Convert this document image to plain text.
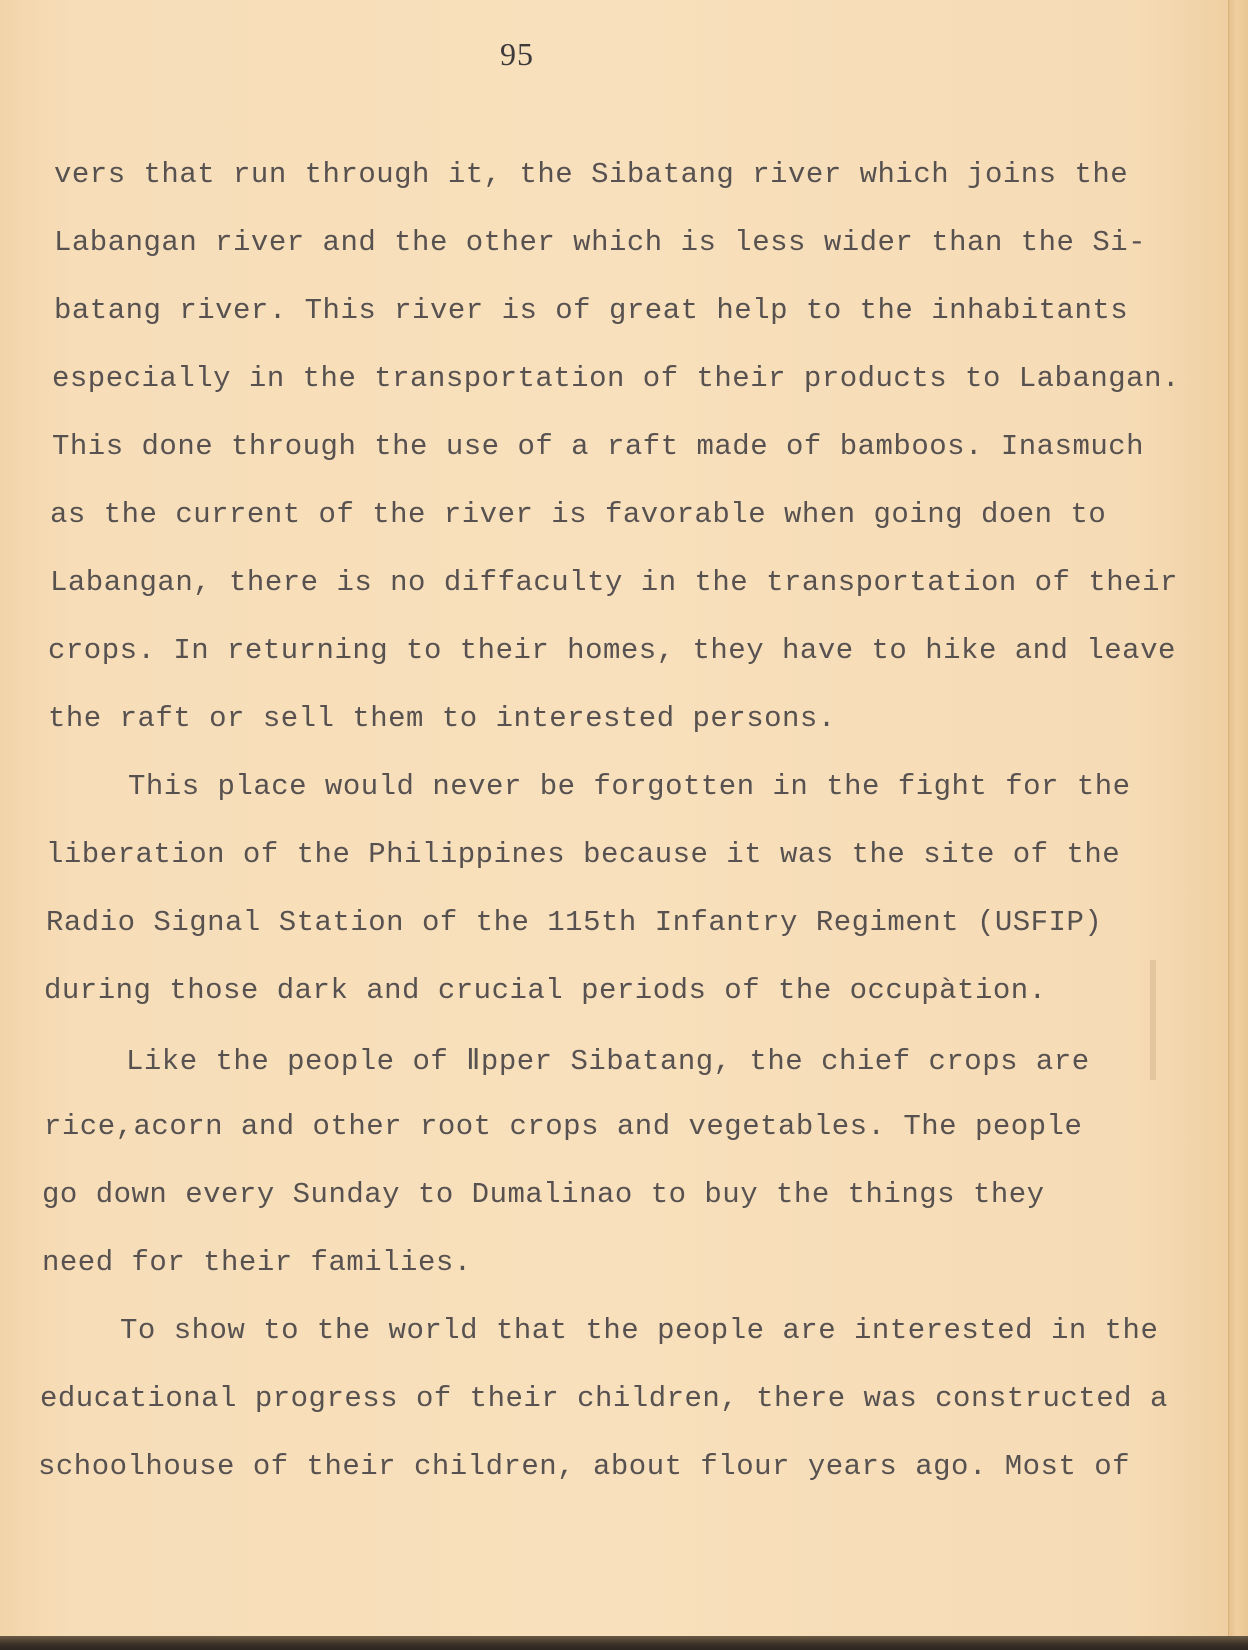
95
vers that run through it, the Sibatang river which joins the
Labangan river and the other which is less wider than the Si-
batang river. This river is of great help to the inhabitants
especially in the transportation of their products to Labangan.
This done through the use of a raft made of bamboos. Inasmuch
as the current of the river is favorable when going doen to
Labangan, there is no diffaculty in the transportation of their
crops. In returning to their homes, they have to hike and leave
the raft or sell them to interested persons.
This place would never be forgotten in the fight for the
liberation of the Philippines because it was the site of the
Radio Signal Station of the 115th Infantry Regiment (USFIP)
during those dark and crucial periods of the occupàtion.
Like the people of Ⅱpper Sibatang, the chief crops are
rice,acorn and other root crops and vegetables. The people
go down every Sunday to Dumalinao to buy the things they
need for their families.
To show to the world that the people are interested in the
educational progress of their children, there was constructed a
schoolhouse of their children, about flour years ago. Most of
